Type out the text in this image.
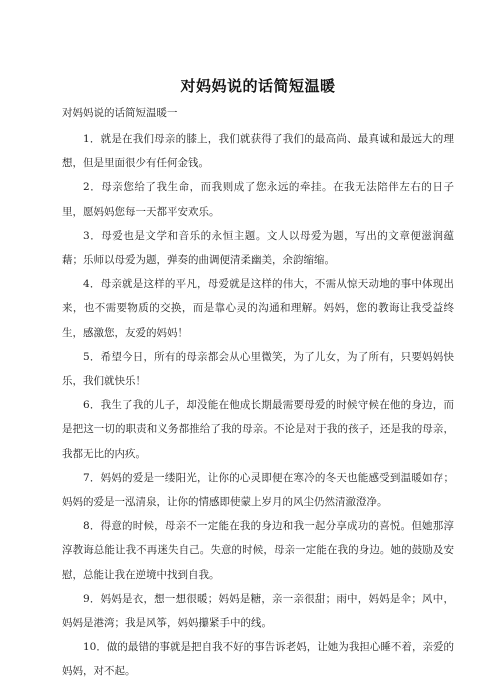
对妈妈说的话简短温暖
对妈妈说的话简短温暖一

1．就是在我们母亲的膝上，我们就获得了我们的最高尚、最真诚和最远大的理想，但是里面很少有任何金钱。

2．母亲您给了我生命，而我则成了您永远的牵挂。在我无法陪伴左右的日子里，愿妈妈您每一天都平安欢乐。

3．母爱也是文学和音乐的永恒主题。文人以母爱为题，写出的文章便滋润蕴藉；乐师以母爱为题，弹奏的曲调便清柔幽美，余韵缩缩。

4．母亲就是这样的平凡，母爱就是这样的伟大，不需从惊天动地的事中体现出来，也不需要物质的交换，而是靠心灵的沟通和理解。妈妈，您的教诲让我受益终生，感激您，友爱的妈妈！

5．希望今日，所有的母亲都会从心里微笑，为了儿女，为了所有，只要妈妈快乐，我们就快乐！

6．我生了我的儿子，却没能在他成长期最需要母爱的时候守候在他的身边，而是把这一切的职责和义务都推给了我的母亲。不论是对于我的孩子，还是我的母亲，我都无比的内疚。

7．妈妈的爱是一缕阳光，让你的心灵即便在寒冷的冬天也能感受到温暖如存；妈妈的爱是一泓清泉，让你的情感即使蒙上岁月的风尘仍然清澈澄净。

8．得意的时候，母亲不一定能在我的身边和我一起分享成功的喜悦。但她那淳淳教诲总能让我不再迷失自己。失意的时候，母亲一定能在我的身边。她的鼓励及安慰，总能让我在逆境中找到自我。

9．妈妈是衣，想一想很暖；妈妈是糖，亲一亲很甜；雨中，妈妈是伞；风中，妈妈是港湾；我是风筝，妈妈攥紧手中的线。

10．做的最错的事就是把自我不好的事告诉老妈，让她为我担心睡不着，亲爱的妈妈，对不起。
